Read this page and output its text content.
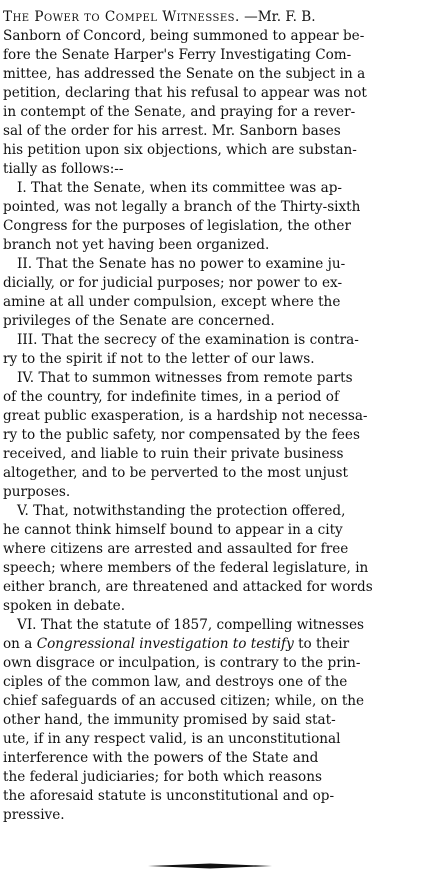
The Power to Compel Witnesses. —Mr. F. B.
Sanborn of Concord, being summoned to appear be-
fore the Senate Harper's Ferry Investigating Com-
mittee, has addressed the Senate on the subject in a
petition, declaring that his refusal to appear was not
in contempt of the Senate, and praying for a rever-
sal of the order for his arrest. Mr. Sanborn bases
his petition upon six objections, which are substan-
tially as follows:--
I. That the Senate, when its committee was ap-
pointed, was not legally a branch of the Thirty-sixth
Congress for the purposes of legislation, the other
branch not yet having been organized.
II. That the Senate has no power to examine ju-
dicially, or for judicial purposes; nor power to ex-
amine at all under compulsion, except where the
privileges of the Senate are concerned.
III. That the secrecy of the examination is contra-
ry to the spirit if not to the letter of our laws.
IV. That to summon witnesses from remote parts
of the country, for indefinite times, in a period of
great public exasperation, is a hardship not necessa-
ry to the public safety, nor compensated by the fees
received, and liable to ruin their private business
altogether, and to be perverted to the most unjust
purposes.
V. That, notwithstanding the protection offered,
he cannot think himself bound to appear in a city
where citizens are arrested and assaulted for free
speech; where members of the federal legislature, in
either branch, are threatened and attacked for words
spoken in debate.
VI. That the statute of 1857, compelling witnesses
on a Congressional investigation to testify to their
own disgrace or inculpation, is contrary to the prin-
ciples of the common law, and destroys one of the
chief safeguards of an accused citizen; while, on the
other hand, the immunity promised by said stat-
ute, if in any respect valid, is an unconstitutional
interference with the powers of the State and
the federal judiciaries; for both which reasons
the aforesaid statute is unconstitutional and op-
pressive.
